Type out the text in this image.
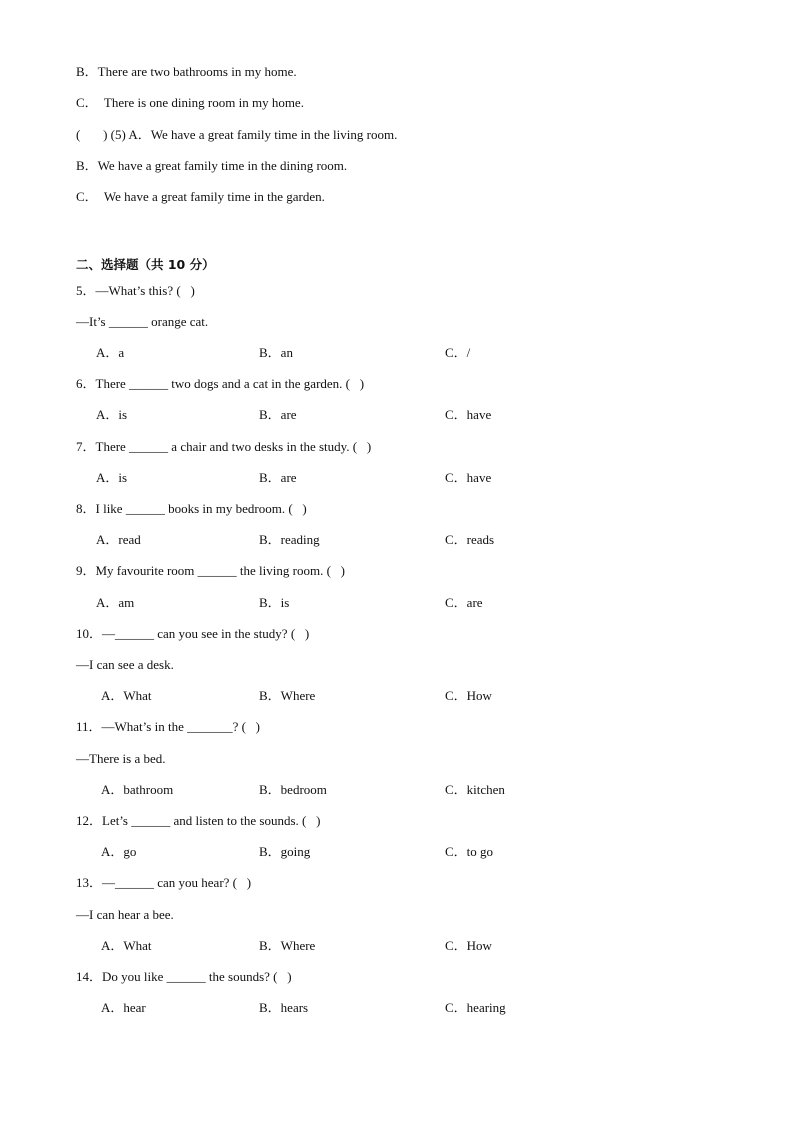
B．There are two bathrooms in my home.
C．  There is one dining room in my home.
(       ) (5) A．We have a great family time in the living room.
B．We have a great family time in the dining room.
C．  We have a great family time in the garden.
二、选择题（共 10 分）
5．—What’s this? (   )
—It’s ______ orange cat.
A．a	B．an	C．/
6．There ______ two dogs and a cat in the garden. (   )
A．is	B．are	C．have
7．There ______ a chair and two desks in the study. (   )
A．is	B．are	C．have
8．I like ______ books in my bedroom. (   )
A．read	B．reading	C．reads
9．My favourite room ______ the living room. (   )
A．am	B．is	C．are
10．—______ can you see in the study? (   )
—I can see a desk.
A．What	B．Where	C．How
11．—What’s in the _______? (   )
—There is a bed.
A．bathroom	B．bedroom	C．kitchen
12．Let’s ______ and listen to the sounds. (   )
A．go	B．going	C．to go
13．—______ can you hear? (   )
—I can hear a bee.
A．What	B．Where	C．How
14．Do you like ______ the sounds? (   )
A．hear	B．hears	C．hearing
